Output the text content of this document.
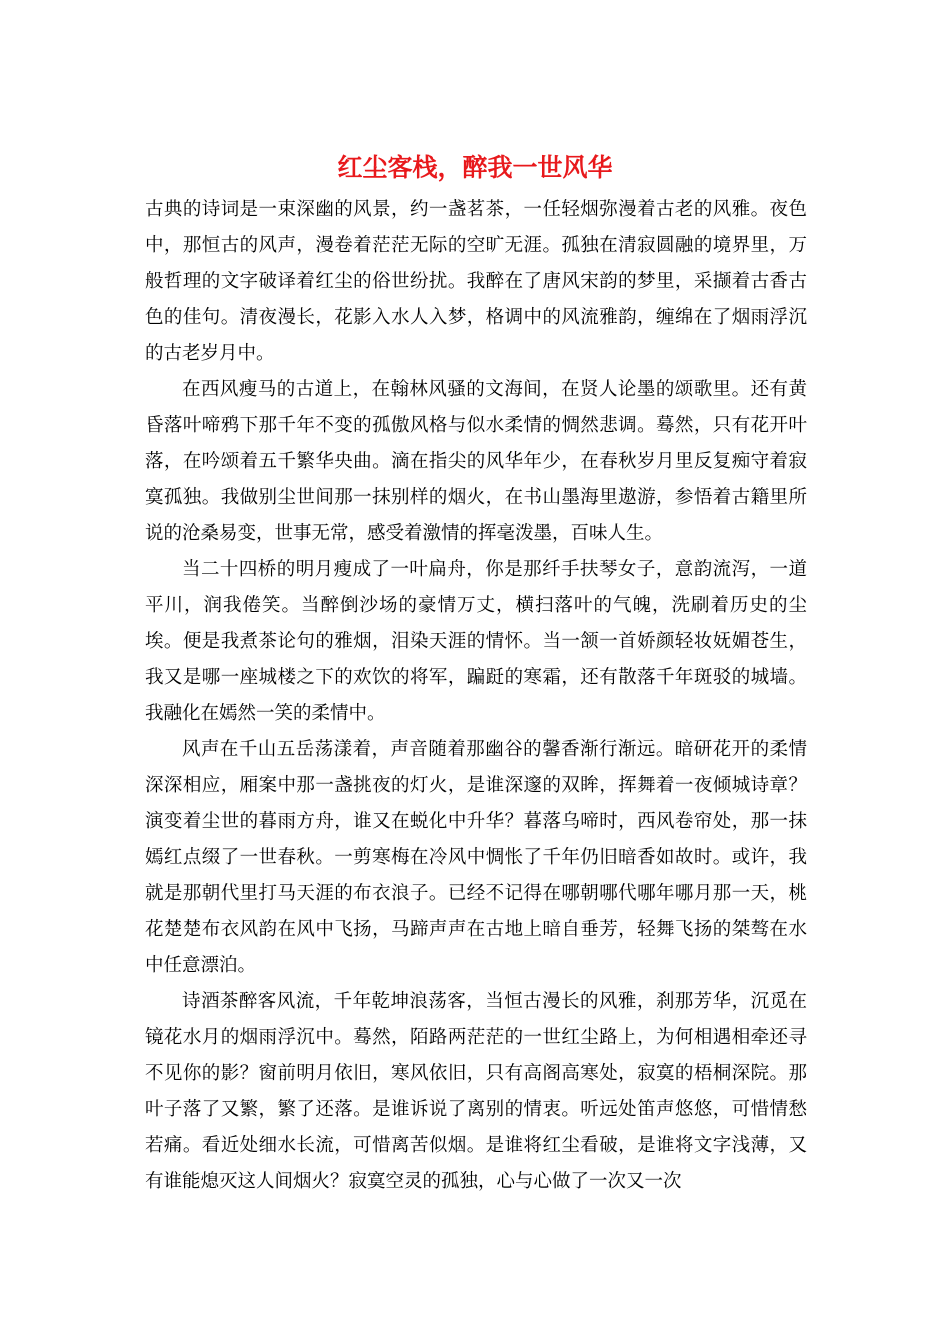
红尘客栈，醉我一世风华

古典的诗词是一束深幽的风景，约一盏茗茶，一任轻烟弥漫着古老的风雅。夜色中，那恒古的风声，漫卷着茫茫无际的空旷无涯。孤独在清寂圆融的境界里，万般哲理的文字破译着红尘的俗世纷扰。我醉在了唐风宋韵的梦里，采撷着古香古色的佳句。清夜漫长，花影入水人入梦，格调中的风流雅韵，缠绵在了烟雨浮沉的古老岁月中。

在西风瘦马的古道上，在翰林风骚的文海间，在贤人论墨的颂歌里。还有黄昏落叶啼鸦下那千年不变的孤傲风格与似水柔情的惆然悲调。蓦然，只有花开叶落，在吟颂着五千繁华央曲。滴在指尖的风华年少，在春秋岁月里反复痴守着寂寞孤独。我做别尘世间那一抹别样的烟火，在书山墨海里遨游，参悟着古籍里所说的沧桑易变，世事无常，感受着激情的挥毫泼墨，百味人生。

当二十四桥的明月瘦成了一叶扁舟，你是那纤手扶琴女子，意韵流泻，一道平川，润我倦笑。当醉倒沙场的豪情万丈，横扫落叶的气魄，洗刷着历史的尘埃。便是我煮茶论句的雅烟，泪染天涯的情怀。当一颔一首娇颜轻妆妩媚苍生，我又是哪一座城楼之下的欢饮的将军，蹁跹的寒霜，还有散落千年斑驳的城墙。我融化在嫣然一笑的柔情中。

风声在千山五岳荡漾着，声音随着那幽谷的馨香渐行渐远。暗研花开的柔情深深相应，厢案中那一盏挑夜的灯火，是谁深邃的双眸，挥舞着一夜倾城诗章？演变着尘世的暮雨方舟，谁又在蜕化中升华？暮落乌啼时，西风卷帘处，那一抹嫣红点缀了一世春秋。一剪寒梅在冷风中惆怅了千年仍旧暗香如故时。或许，我就是那朝代里打马天涯的布衣浪子。已经不记得在哪朝哪代哪年哪月那一天，桃花楚楚布衣风韵在风中飞扬，马蹄声声在古地上暗自垂芳，轻舞飞扬的桀骜在水中任意漂泊。

诗酒茶醉客风流，千年乾坤浪荡客，当恒古漫长的风雅，刹那芳华，沉觅在镜花水月的烟雨浮沉中。蓦然，陌路两茫茫的一世红尘路上，为何相遇相牵还寻不见你的影？窗前明月依旧，寒风依旧，只有高阁高寒处，寂寞的梧桐深院。那叶子落了又繁，繁了还落。是谁诉说了离别的情衷。听远处笛声悠悠，可惜情愁若痛。看近处细水长流，可惜离苦似烟。是谁将红尘看破，是谁将文字浅薄，又有谁能熄灭这人间烟火？寂寞空灵的孤独，心与心做了一次又一次
